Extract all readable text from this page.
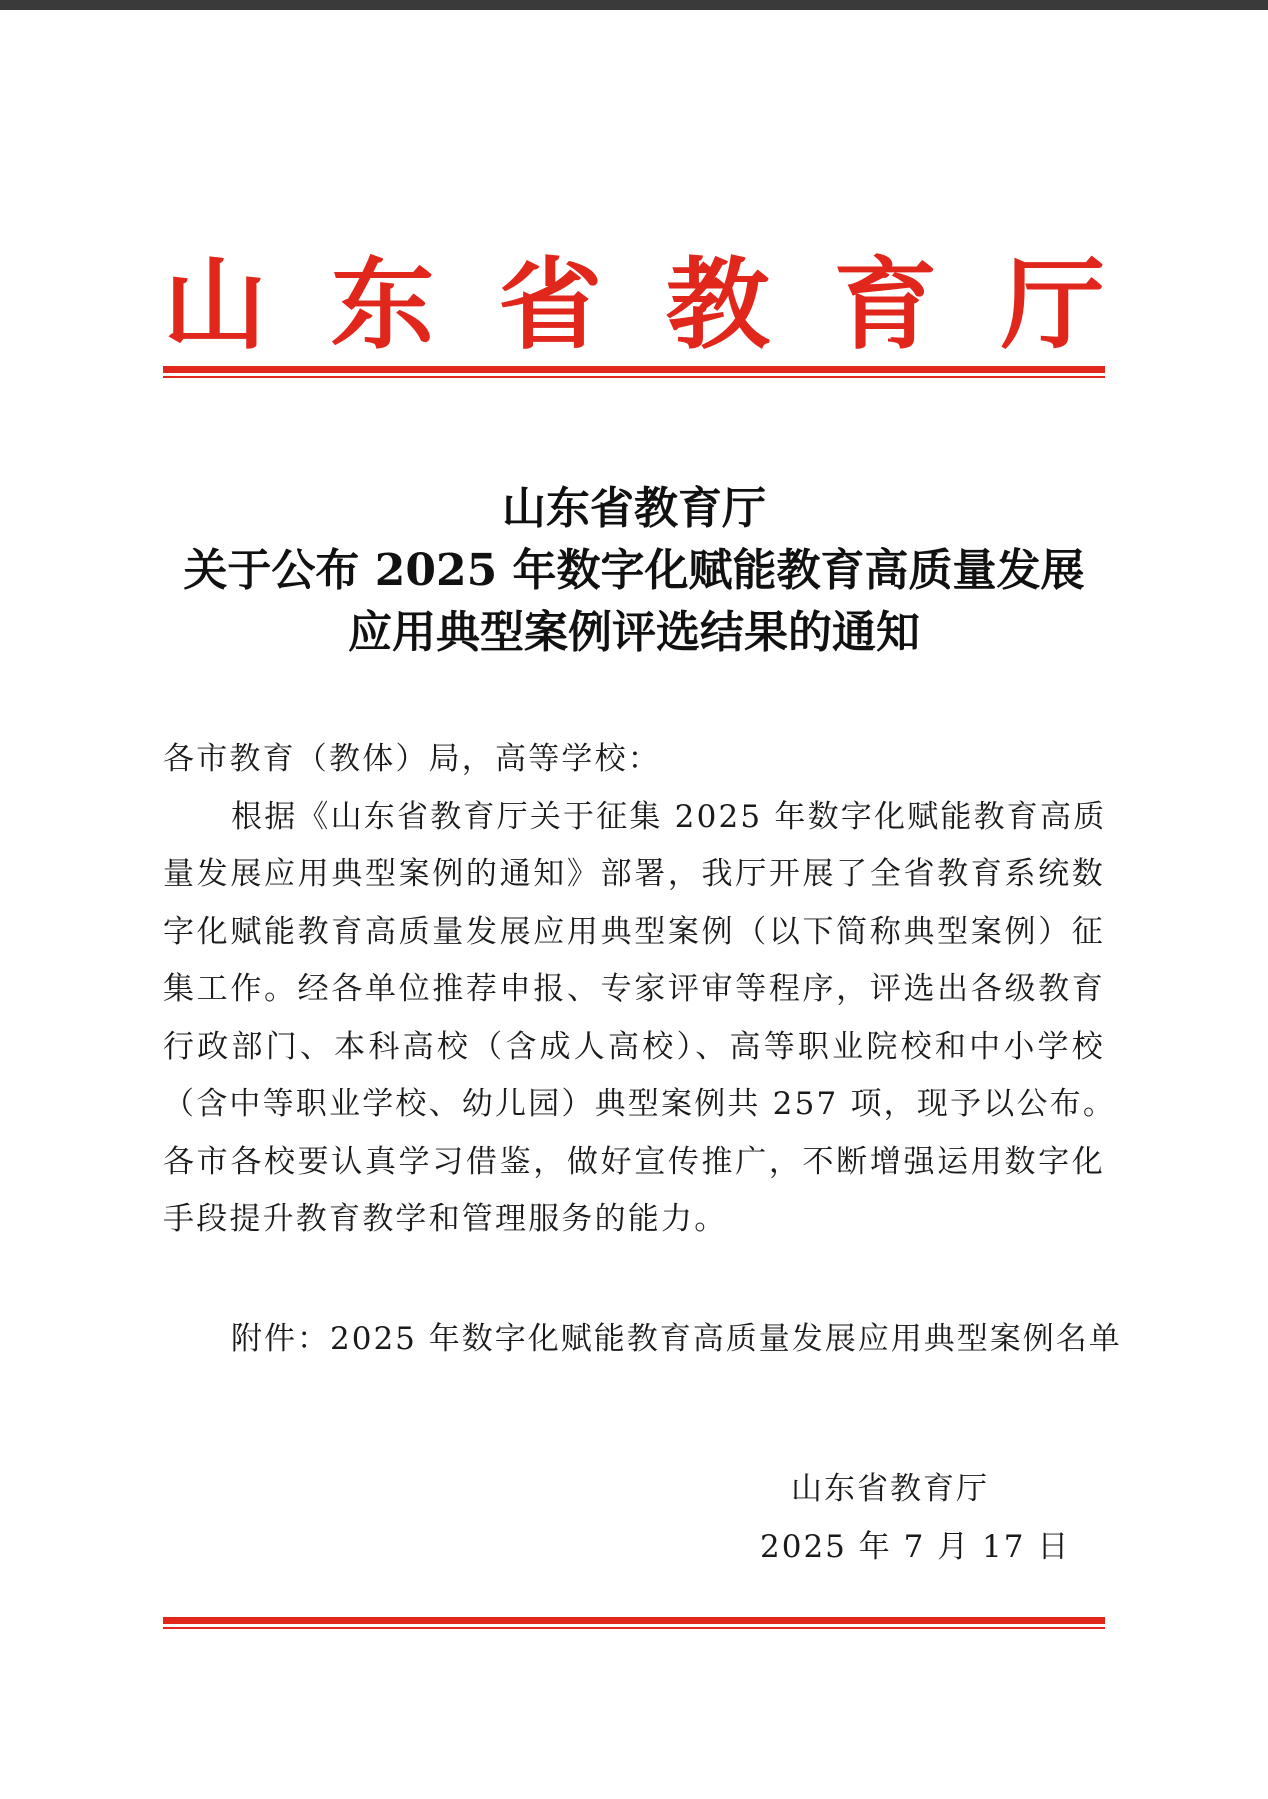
山 东 省 教 育 厅
山东省教育厅
关于公布 2025 年数字化赋能教育高质量发展
应用典型案例评选结果的通知
各市教育（教体）局，高等学校：
根据《山东省教育厅关于征集 2025 年数字化赋能教育高质
量发展应用典型案例的通知》部署，我厅开展了全省教育系统数
字化赋能教育高质量发展应用典型案例（以下简称典型案例）征
集工作。经各单位推荐申报、专家评审等程序，评选出各级教育
行政部门、本科高校（含成人高校）、高等职业院校和中小学校
（含中等职业学校、幼儿园）典型案例共 257 项，现予以公布。
各市各校要认真学习借鉴，做好宣传推广，不断增强运用数字化
手段提升教育教学和管理服务的能力。
附件：2025 年数字化赋能教育高质量发展应用典型案例名单
山东省教育厅
2025 年 7 月 17 日
